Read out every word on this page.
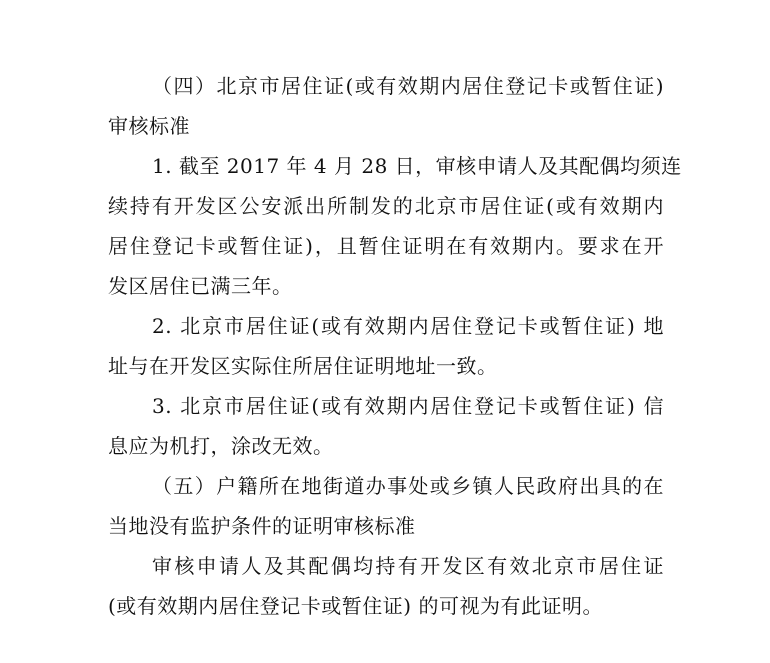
（四）北京市居住证(或有效期内居住登记卡或暂住证)
审核标准
1. 截至 2017 年 4 月 28 日，审核申请人及其配偶均须连
续持有开发区公安派出所制发的北京市居住证(或有效期内
居住登记卡或暂住证)，且暂住证明在有效期内。要求在开
发区居住已满三年。
2. 北京市居住证(或有效期内居住登记卡或暂住证) 地
址与在开发区实际住所居住证明地址一致。
3. 北京市居住证(或有效期内居住登记卡或暂住证) 信
息应为机打，涂改无效。
（五）户籍所在地街道办事处或乡镇人民政府出具的在
当地没有监护条件的证明审核标准
审核申请人及其配偶均持有开发区有效北京市居住证
(或有效期内居住登记卡或暂住证) 的可视为有此证明。
